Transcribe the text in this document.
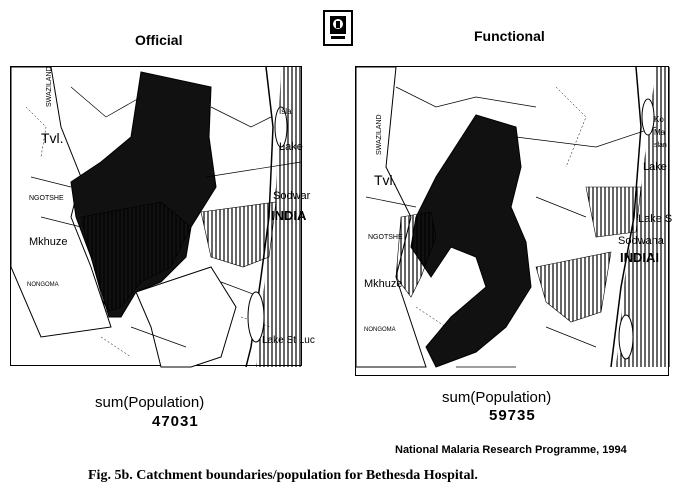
Official	Functional
SWAZILAND
Tvl.
NGOTSHE
Mkhuze
NONGOMA
Isla
Lake
Sodwar
INDIA
Lake St Luc
SWAZILAND
Tvl.
NGOTSHE
Mkhuze
NONGOMA
Ko
Ma
Islan
Lake
Lake S
Sodwana
INDIAI
sum(Population)
47031
sum(Population)
59735
National Malaria Research Programme, 1994
Fig. 5b. Catchment boundaries/population for Bethesda Hospital.
